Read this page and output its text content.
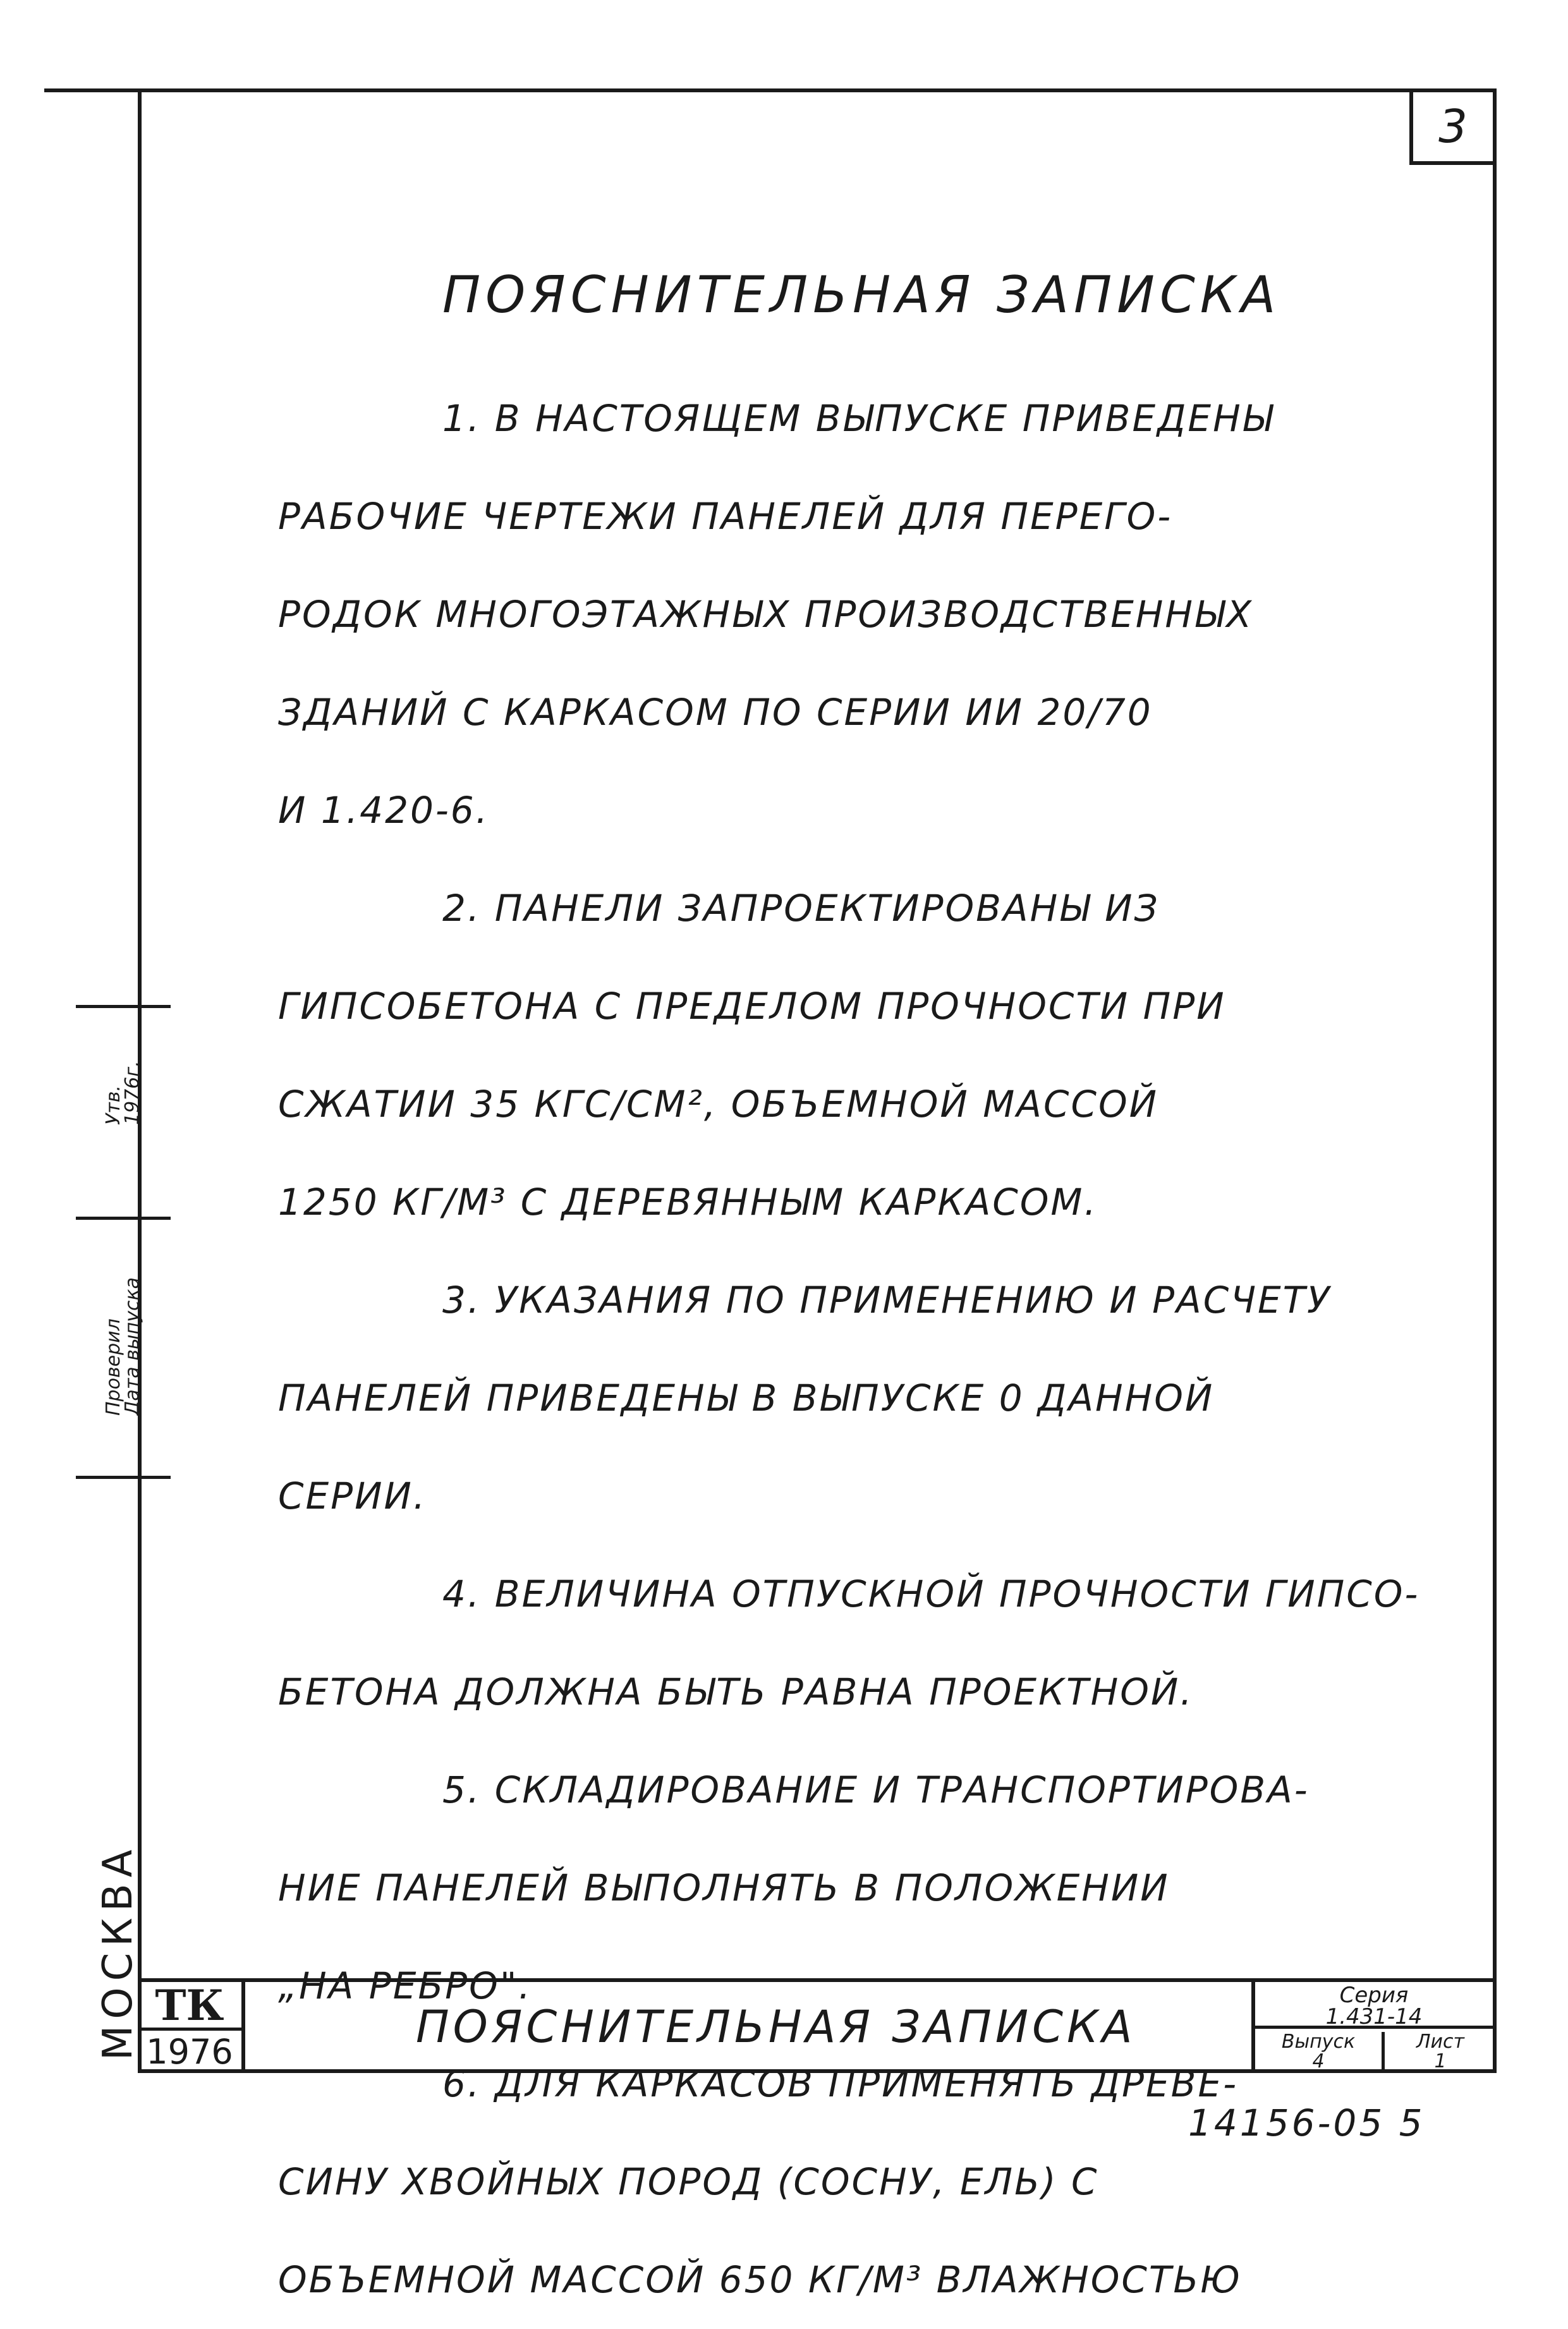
3
ПОЯСНИТЕЛЬНАЯ ЗАПИСКА
1. В НАСТОЯЩЕМ ВЫПУСКЕ ПРИВЕДЕНЫ
РАБОЧИЕ ЧЕРТЕЖИ ПАНЕЛЕЙ ДЛЯ ПЕРЕГО-
РОДОК МНОГОЭТАЖНЫХ ПРОИЗВОДСТВЕННЫХ
ЗДАНИЙ С КАРКАСОМ ПО СЕРИИ ИИ 20/70
И 1.420-6.
2. ПАНЕЛИ ЗАПРОЕКТИРОВАНЫ ИЗ
ГИПСОБЕТОНА С ПРЕДЕЛОМ ПРОЧНОСТИ ПРИ
СЖАТИИ 35 КГС/СМ², ОБЪЕМНОЙ МАССОЙ
1250 КГ/М³ С ДЕРЕВЯННЫМ КАРКАСОМ.
3. УКАЗАНИЯ ПО ПРИМЕНЕНИЮ И РАСЧЕТУ
ПАНЕЛЕЙ ПРИВЕДЕНЫ В ВЫПУСКЕ 0 ДАННОЙ
СЕРИИ.
4. ВЕЛИЧИНА ОТПУСКНОЙ ПРОЧНОСТИ ГИПСО-
БЕТОНА ДОЛЖНА БЫТЬ РАВНА ПРОЕКТНОЙ.
5. СКЛАДИРОВАНИЕ И ТРАНСПОРТИРОВА-
НИЕ ПАНЕЛЕЙ ВЫПОЛНЯТЬ В ПОЛОЖЕНИИ
„НА РЕБРО".
6. ДЛЯ КАРКАСОВ ПРИМЕНЯТЬ ДРЕВЕ-
СИНУ ХВОЙНЫХ ПОРОД (СОСНУ, ЕЛЬ) С
ОБЪЕМНОЙ МАССОЙ 650 КГ/М³ ВЛАЖНОСТЬЮ
Утв.
1976г.
Проверил
Дата выпуска
МОСКВА ТК
1976	ПОЯСНИТЕЛЬНАЯ ЗАПИСКА
Серия
1.431-14
Выпуск
4
Лист
1
14156-05 5
